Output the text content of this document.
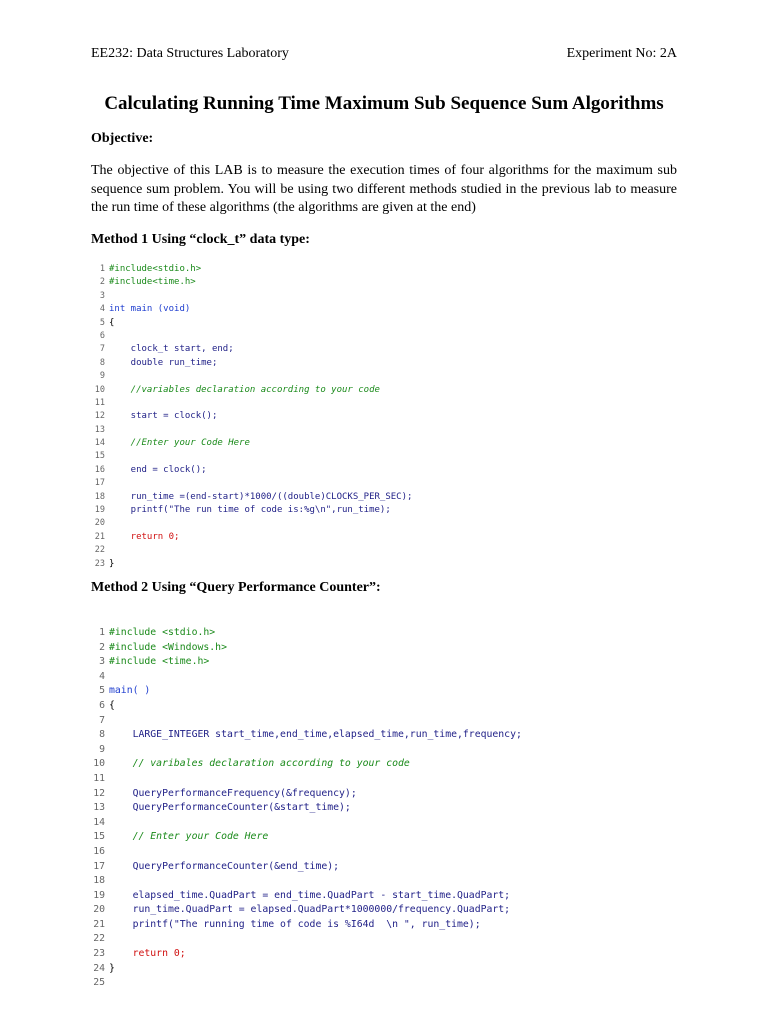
EE232: Data Structures Laboratory	Experiment No: 2A
Calculating Running Time Maximum Sub Sequence Sum Algorithms
Objective:
The objective of this LAB is to measure the execution times of four algorithms for the maximum sub sequence sum problem. You will be using two different methods studied in the previous lab to measure the run time of these algorithms (the algorithms are given at the end)
Method 1 Using “clock_t” data type:
1 #include<stdio.h>
2 #include<time.h>
3
4 int main (void)
5 {
6
7    clock_t start, end;
8    double run_time;
9
10    //variables declaration according to your code
11
12    start = clock();
13
14    //Enter your Code Here
15
16    end = clock();
17
18    run_time =(end-start)*1000/((double)CLOCKS_PER_SEC);
19    printf("The run time of code is:%g\n",run_time);
20
21    return 0;
22
23 }
Method 2 Using “Query Performance Counter”:
1 #include <stdio.h>
2 #include <Windows.h>
3 #include <time.h>
4
5 main( )
6 {
7
8    LARGE_INTEGER start_time,end_time,elapsed_time,run_time,frequency;
9
10    // varibales declaration according to your code
11
12    QueryPerformanceFrequency(&frequency);
13    QueryPerformanceCounter(&start_time);
14
15    // Enter your Code Here
16
17    QueryPerformanceCounter(&end_time);
18
19    elapsed_time.QuadPart = end_time.QuadPart - start_time.QuadPart;
20    run_time.QuadPart = elapsed.QuadPart*1000000/frequency.QuadPart;
21    printf("The running time of code is %I64d  \n ", run_time);
22
23    return 0;
24 }
25
